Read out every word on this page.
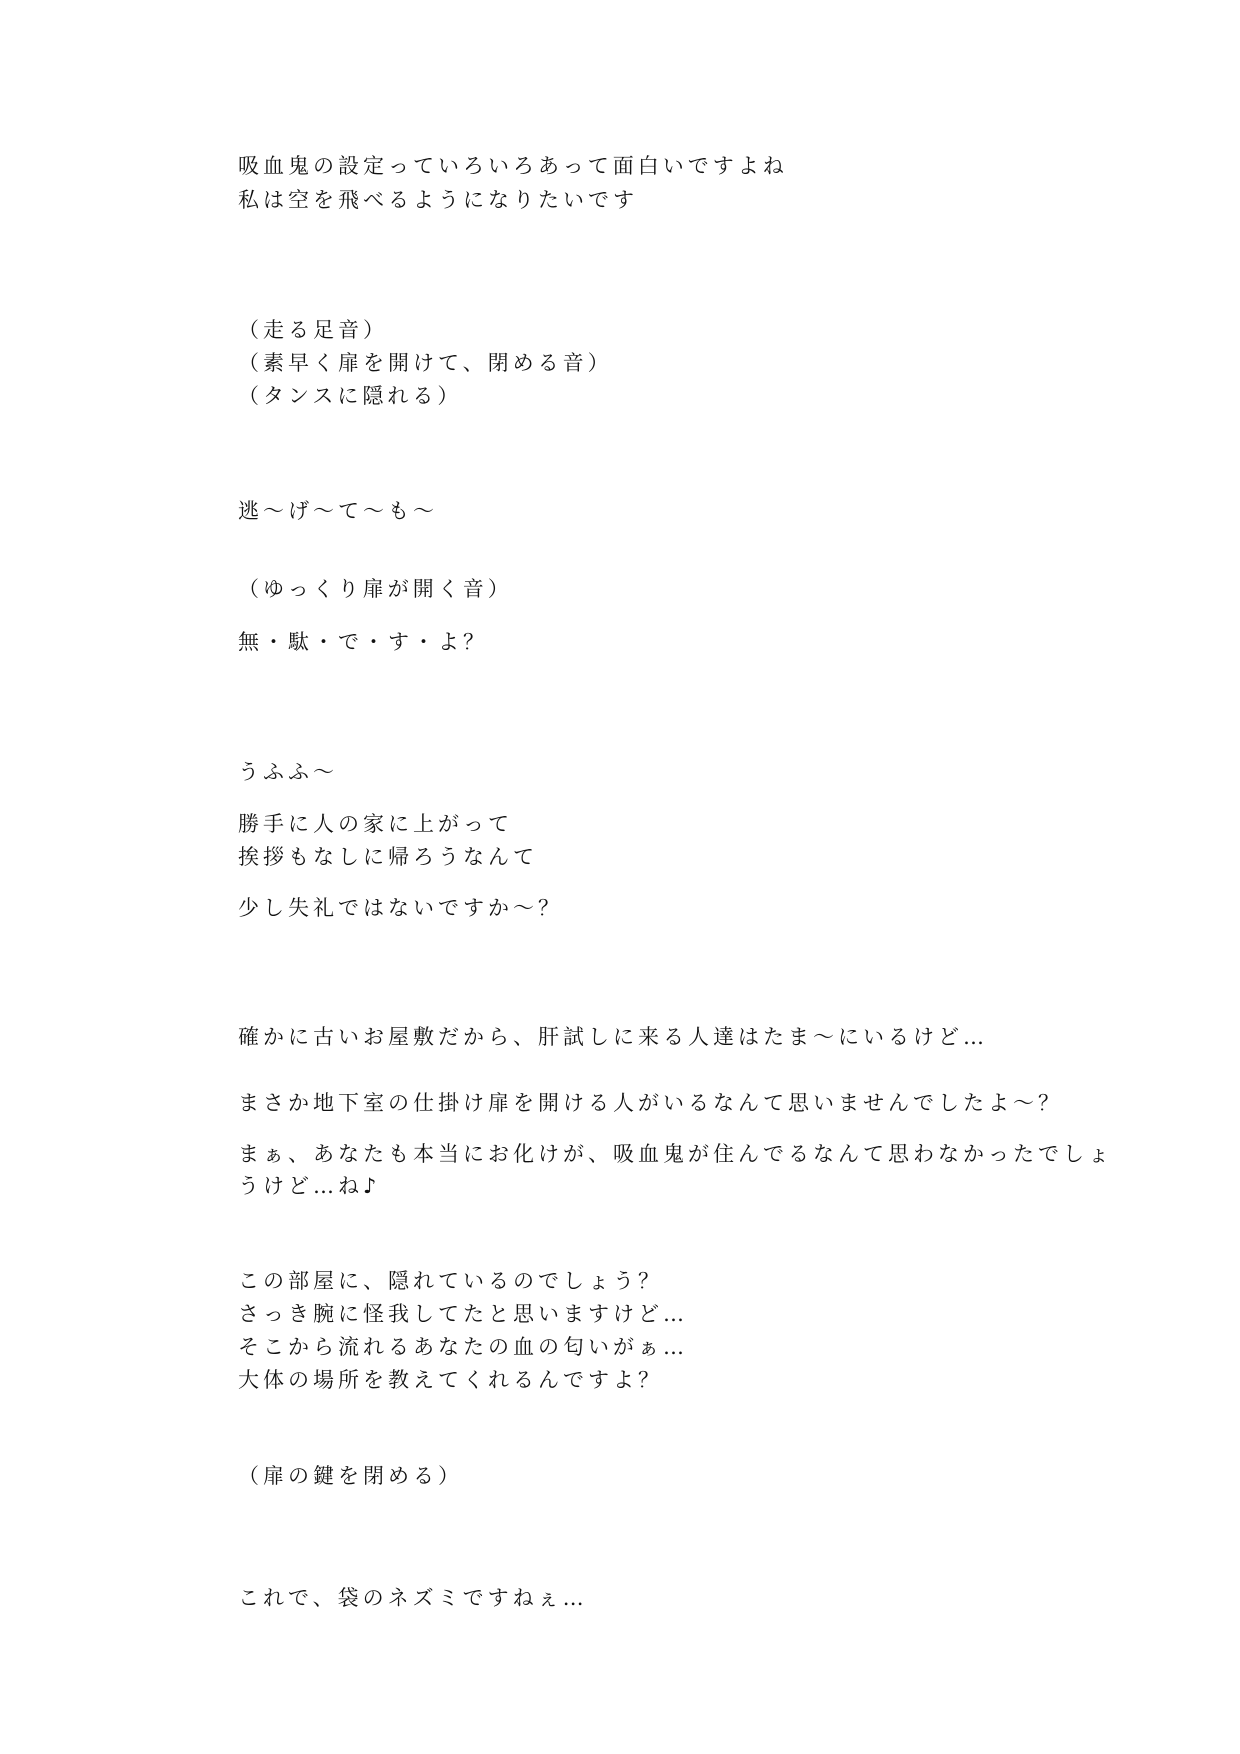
吸血鬼の設定っていろいろあって面白いですよね
私は空を飛べるようになりたいです
（走る足音）
（素早く扉を開けて、閉める音）
（タンスに隠れる）
逃〜げ〜て〜も〜
（ゆっくり扉が開く音）
無・駄・で・す・よ？
うふふ〜
勝手に人の家に上がって
挨拶もなしに帰ろうなんて
少し失礼ではないですか〜？
確かに古いお屋敷だから、肝試しに来る人達はたま〜にいるけど…
まさか地下室の仕掛け扉を開ける人がいるなんて思いませんでしたよ〜？
まぁ、あなたも本当にお化けが、吸血鬼が住んでるなんて思わなかったでしょ
うけど…ね♪
この部屋に、隠れているのでしょう？
さっき腕に怪我してたと思いますけど…
そこから流れるあなたの血の匂いがぁ…
大体の場所を教えてくれるんですよ？
（扉の鍵を閉める）
これで、袋のネズミですねぇ…
